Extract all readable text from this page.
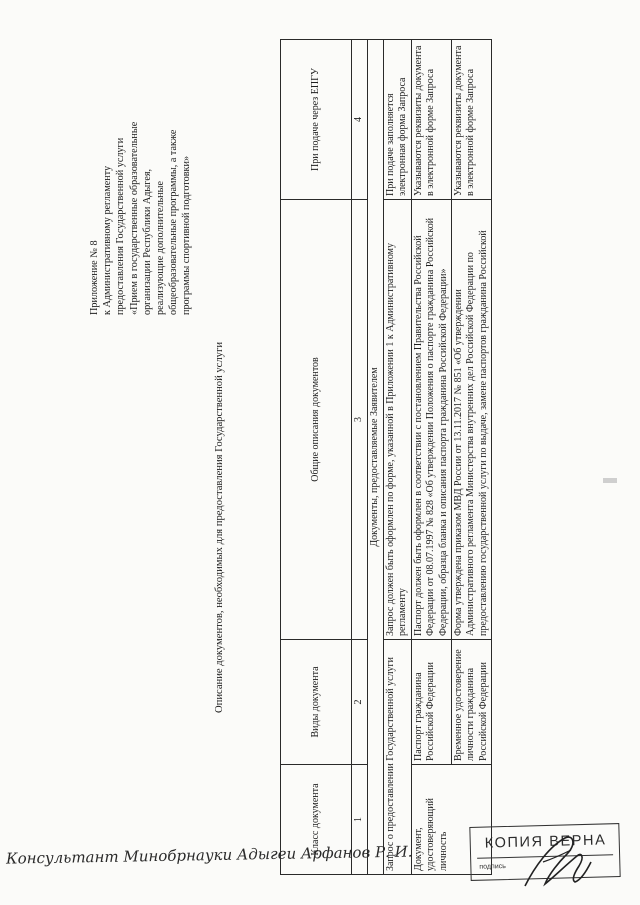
Приложение № 8 к Административному регламенту предоставления Государственной услуги «Прием в государственные образовательные организации Республики Адыгея, реализующие дополнительные общеобразовательные программы, а также программы спортивной подготовки»
Описание документов, необходимых для предоставления Государственной услуги
Класс документа	Виды документа	Общие описания документов	При подаче через ЕПГУ
1	2	3	4
Документы, предоставляемые Заявителем			
Запрос о предоставлении Государственной услуги		Запрос должен быть оформлен по форме, указанной в Приложении 1 к Административному регламенту	При подаче заполняется электронная форма Запроса
Документ, удостоверяющий личность	Паспорт гражданина Российской Федерации	Паспорт должен быть оформлен в соответствии с постановлением Правительства Российской Федерации от 08.07.1997 № 828 «Об утверждении Положения о паспорте гражданина Российской Федерации, образца бланка и описания паспорта гражданина Российской Федерации»	Указываются реквизиты документа в электронной форме Запроса
	Временное удостоверение личности гражданина Российской Федерации	Форма утверждена приказом МВД России от 13.11.2017 № 851 «Об утверждении Административного регламента Министерства внутренних дел Российской Федерации по предоставлению государственной услуги по выдаче, замене паспортов гражданина Российской	Указываются реквизиты документа в электронной форме Запроса
КОПИЯ ВЕРНА
подпись
Консультант Минобрнауки Адыгеи Арфанов Р. И.
